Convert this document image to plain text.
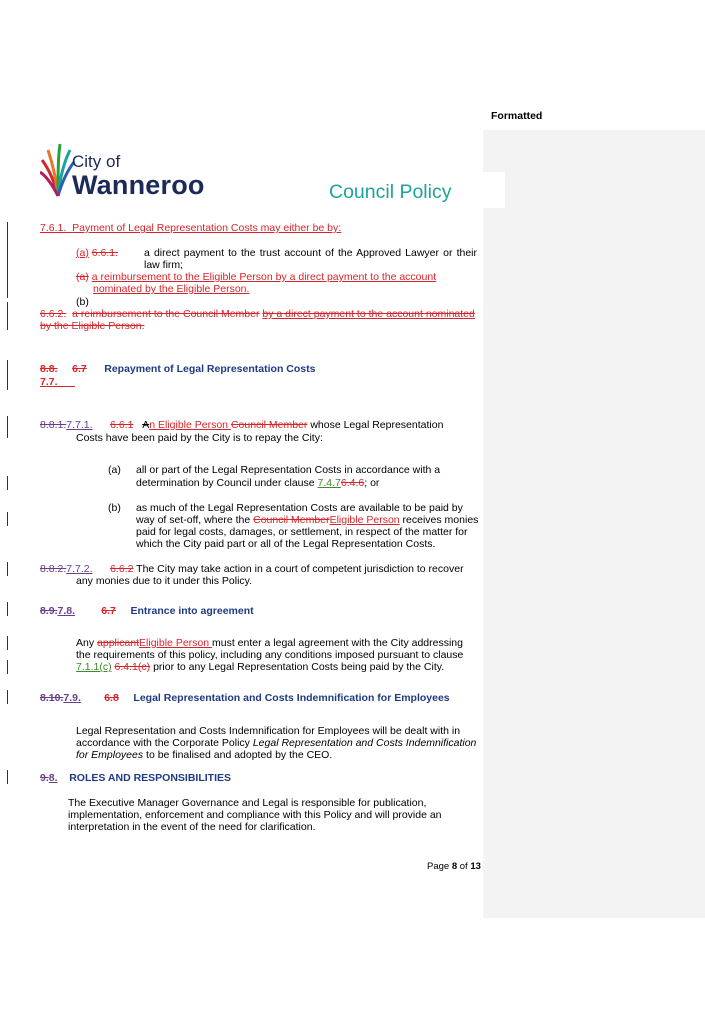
Formatted
City of
Wanneroo	Council Policy
7.6.1. Payment of Legal Representation Costs may either be by:
(a) 6.6.1.	a direct payment to the trust account of the Approved Lawyer or their law firm;
(a) a reimbursement to the Eligible Person by a direct payment to the account
nominated by the Eligible Person.
(b)
6.6.2. a reimbursement to the Council Member by a direct payment to the account nominated
by the Eligible Person.
8.8. 6.7 Repayment of Legal Representation Costs
7.7.
8.8.1.7.7.1. 6.6.1 An Eligible Person Council Member whose Legal Representation
Costs have been paid by the City is to repay the City:
(a) all or part of the Legal Representation Costs in accordance with a
determination by Council under clause 7.4.76.4.6; or
(b) as much of the Legal Representation Costs are available to be paid by
way of set-off, where the Council MemberEligible Person receives monies
paid for legal costs, damages, or settlement, in respect of the matter for
which the City paid part or all of the Legal Representation Costs.
8.8.2.7.7.2. 6.6.2 The City may take action in a court of competent jurisdiction to recover
any monies due to it under this Policy.
8.9.7.8.	6.7 Entrance into agreement
Any applicantEligible Person must enter a legal agreement with the City addressing
the requirements of this policy, including any conditions imposed pursuant to clause
7.1.1(c) 6.4.1(c) prior to any Legal Representation Costs being paid by the City.
8.10.7.9. 6.8 Legal Representation and Costs Indemnification for Employees
Legal Representation and Costs Indemnification for Employees will be dealt with in
accordance with the Corporate Policy Legal Representation and Costs Indemnification
for Employees to be finalised and adopted by the CEO.
9.8. ROLES AND RESPONSIBILITIES
The Executive Manager Governance and Legal is responsible for publication,
implementation, enforcement and compliance with this Policy and will provide an
interpretation in the event of the need for clarification.
Page 8 of 13
